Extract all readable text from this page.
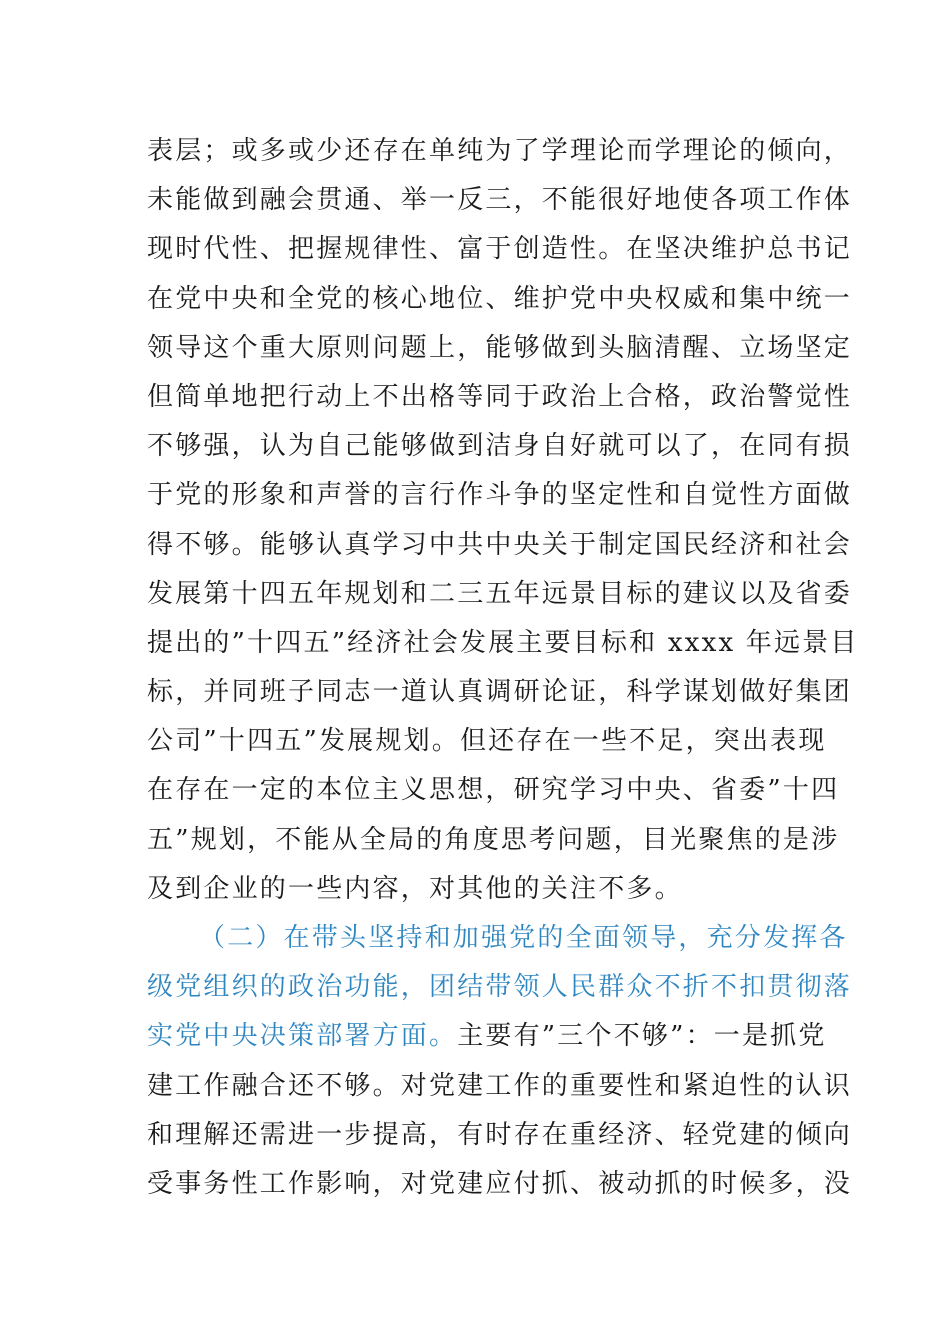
表层；或多或少还存在单纯为了学理论而学理论的倾向，
未能做到融会贯通、举一反三，不能很好地使各项工作体
现时代性、把握规律性、富于创造性。在坚决维护总书记
在党中央和全党的核心地位、维护党中央权威和集中统一
领导这个重大原则问题上，能够做到头脑清醒、立场坚定
但简单地把行动上不出格等同于政治上合格，政治警觉性
不够强，认为自己能够做到洁身自好就可以了，在同有损
于党的形象和声誉的言行作斗争的坚定性和自觉性方面做
得不够。能够认真学习中共中央关于制定国民经济和社会
发展第十四五年规划和二三五年远景目标的建议以及省委
提出的”十四五”经济社会发展主要目标和 xxxx 年远景目
标，并同班子同志一道认真调研论证，科学谋划做好集团
公司”十四五”发展规划。但还存在一些不足，突出表现
在存在一定的本位主义思想，研究学习中央、省委”十四
五”规划，不能从全局的角度思考问题，目光聚焦的是涉
及到企业的一些内容，对其他的关注不多。
（二）在带头坚持和加强党的全面领导，充分发挥各
级党组织的政治功能，团结带领人民群众不折不扣贯彻落
实党中央决策部署方面。主要有”三个不够”：一是抓党
建工作融合还不够。对党建工作的重要性和紧迫性的认识
和理解还需进一步提高，有时存在重经济、轻党建的倾向
受事务性工作影响，对党建应付抓、被动抓的时候多，没
